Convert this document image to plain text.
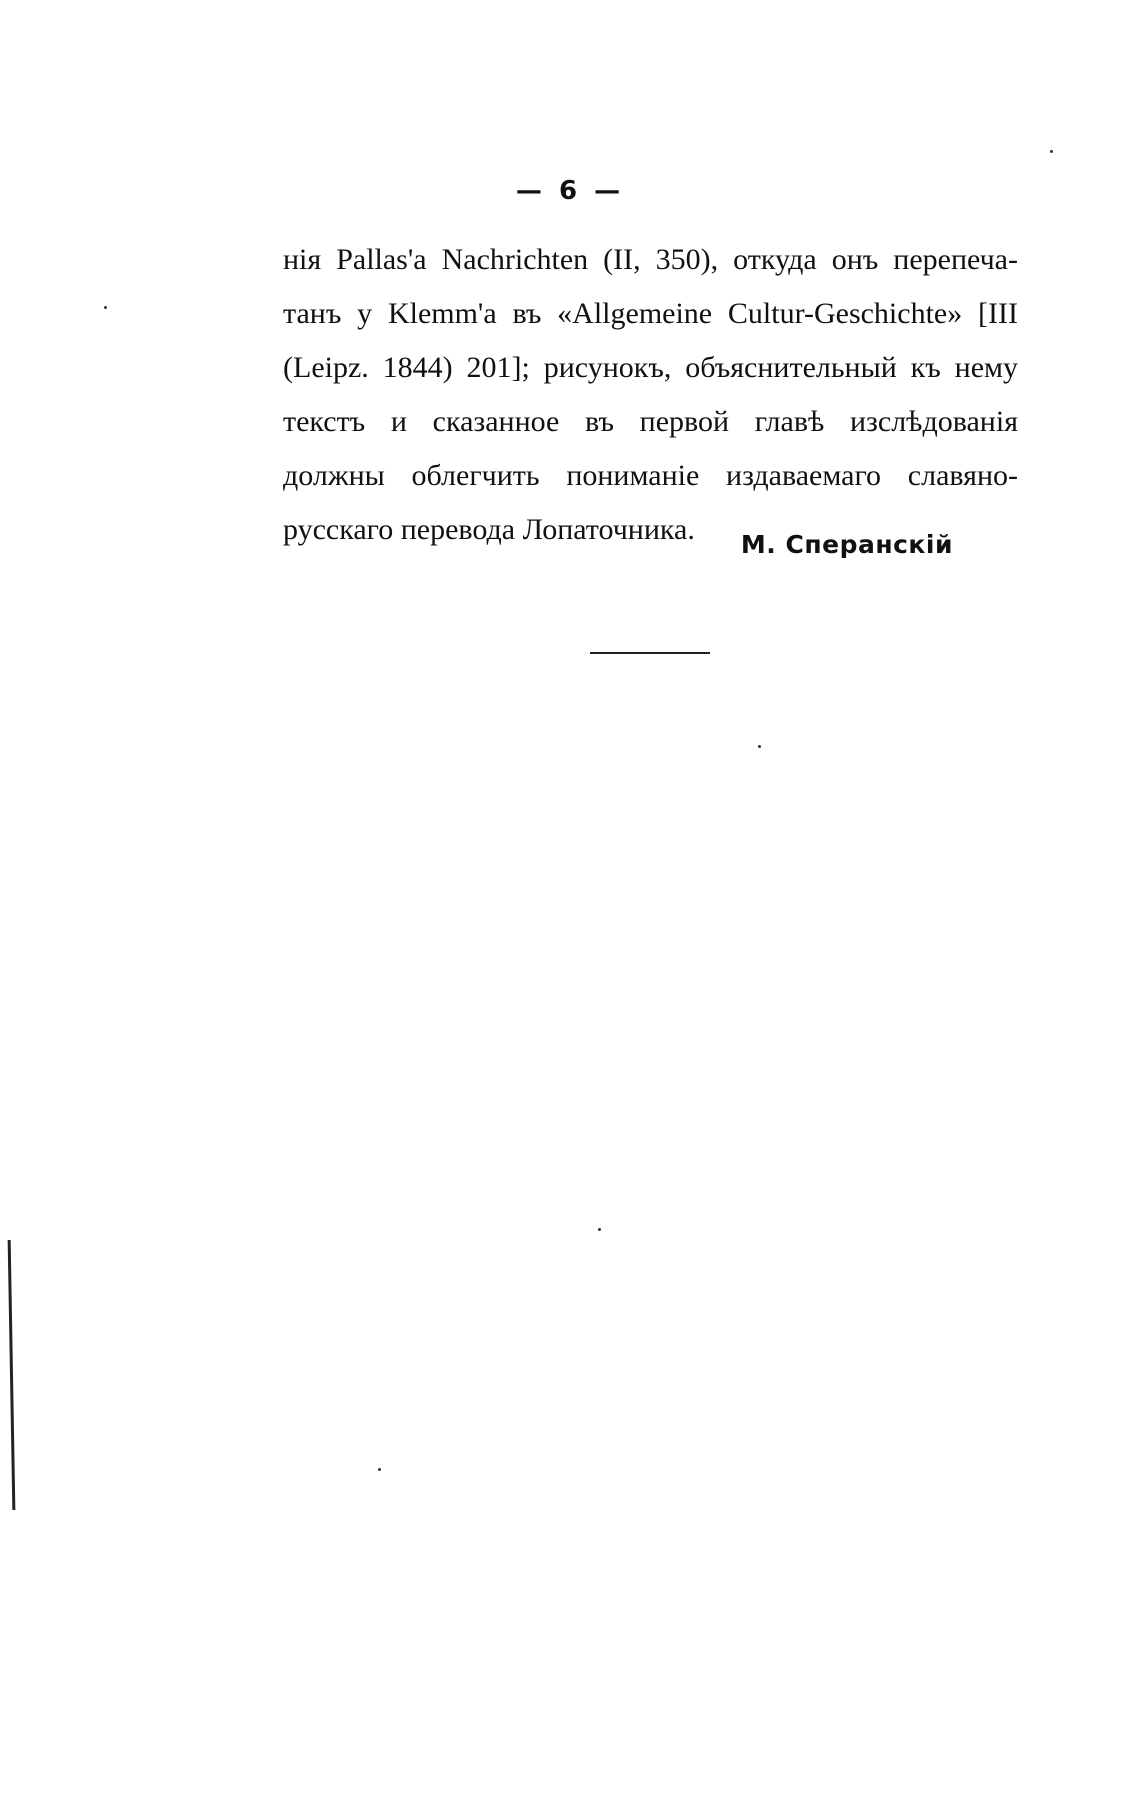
— 6 —
нія Pallas'a Nachrichten (II, 350), откуда онъ перепеча-
танъ у Klemm'a въ «Allgemeine Cultur-Geschichte» [III
(Leipz. 1844) 201]; рисунокъ, объяснительный къ нему
текстъ и сказанное въ первой главѣ изслѣдованія
должны облегчить пониманіе издаваемаго славяно-
русскаго перевода Лопаточника.	М. Сперанскій
